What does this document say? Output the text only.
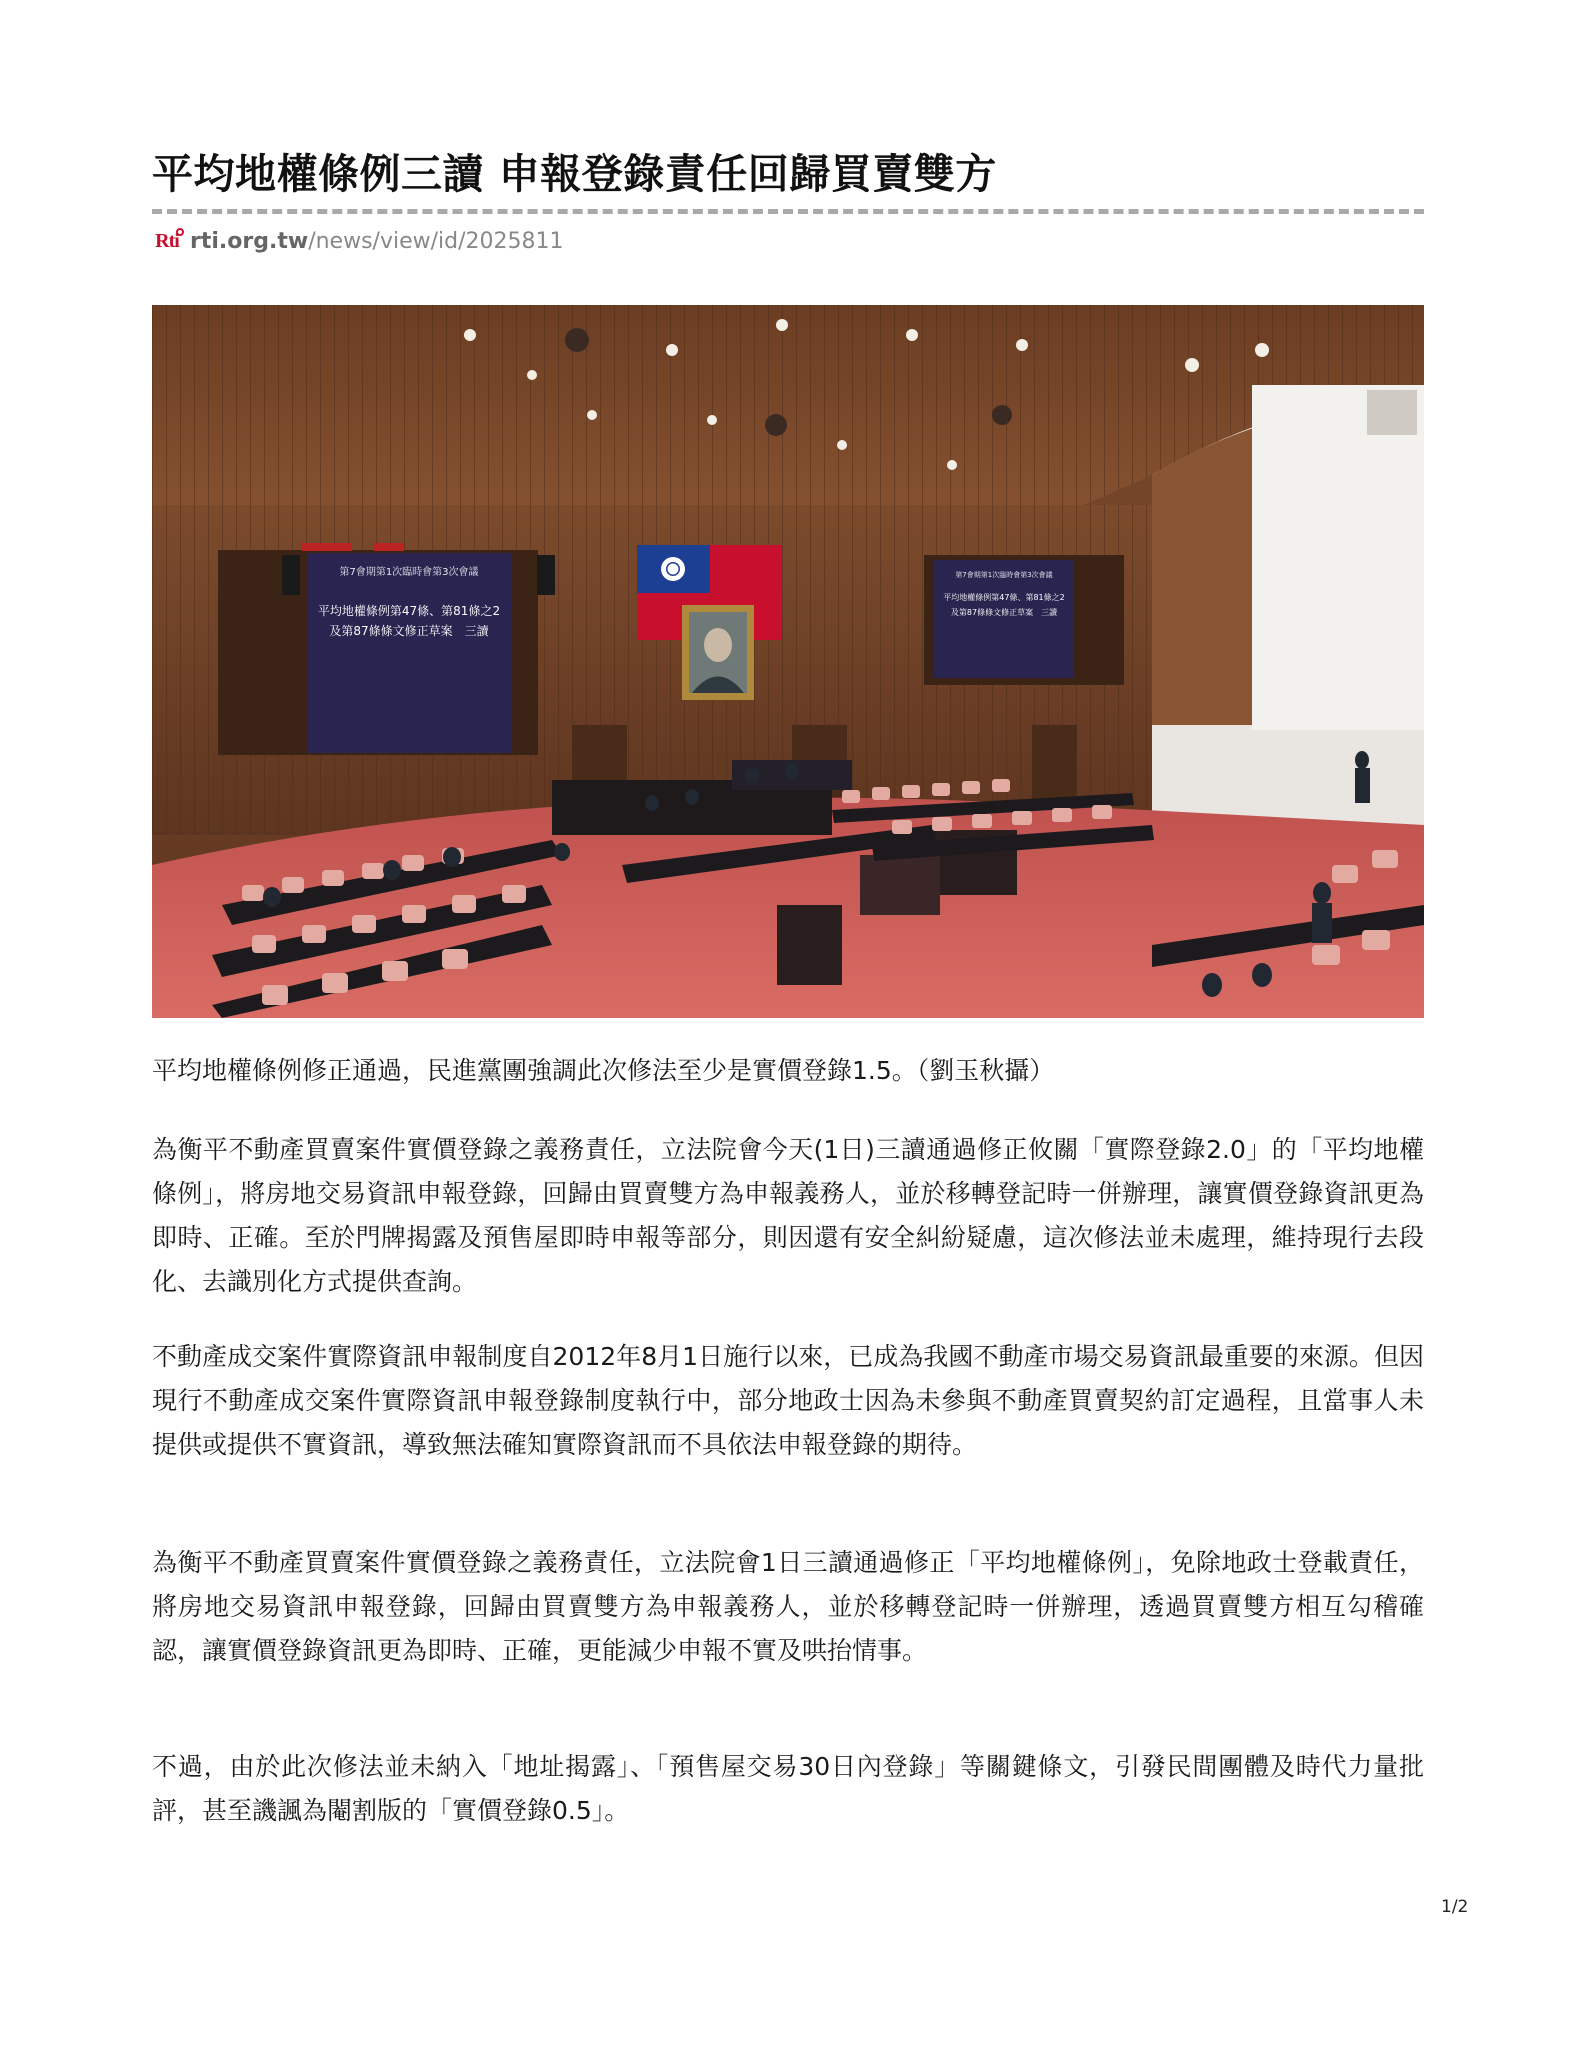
平均地權條例三讀 申報登錄責任回歸買賣雙方
Rti rti.org.tw /news/view/id/2025811
第7會期第1次臨時會第3次會議
平均地權條例第47條、第81條之2
及第87條條文修正草案　三讀
第7會期第1次臨時會第3次會議
平均地權條例第47條、第81條之2
及第87條條文修正草案　三讀

平均地權條例修正通過，民進黨團強調此次修法至少是實價登錄1.5。（劉玉秋攝）

為衡平不動產買賣案件實價登錄之義務責任，立法院會今天(1日)三讀通過修正攸關「實際登錄2.0」的「平均地權條例」，將房地交易資訊申報登錄，回歸由買賣雙方為申報義務人，並於移轉登記時一併辦理，讓實價登錄資訊更為即時、正確。至於門牌揭露及預售屋即時申報等部分，則因還有安全糾紛疑慮，這次修法並未處理，維持現行去段化、去識別化方式提供查詢。

不動產成交案件實際資訊申報制度自2012年8月1日施行以來，已成為我國不動產市場交易資訊最重要的來源。但因現行不動產成交案件實際資訊申報登錄制度執行中，部分地政士因為未參與不動產買賣契約訂定過程，且當事人未提供或提供不實資訊，導致無法確知實際資訊而不具依法申報登錄的期待。

為衡平不動產買賣案件實價登錄之義務責任，立法院會1日三讀通過修正「平均地權條例」，免除地政士登載責任，將房地交易資訊申報登錄，回歸由買賣雙方為申報義務人，並於移轉登記時一併辦理，透過買賣雙方相互勾稽確認，讓實價登錄資訊更為即時、正確，更能減少申報不實及哄抬情事。

不過，由於此次修法並未納入「地址揭露」、「預售屋交易30日內登錄」等關鍵條文，引發民間團體及時代力量批評，甚至譏諷為閹割版的「實價登錄0.5」。

1/2
